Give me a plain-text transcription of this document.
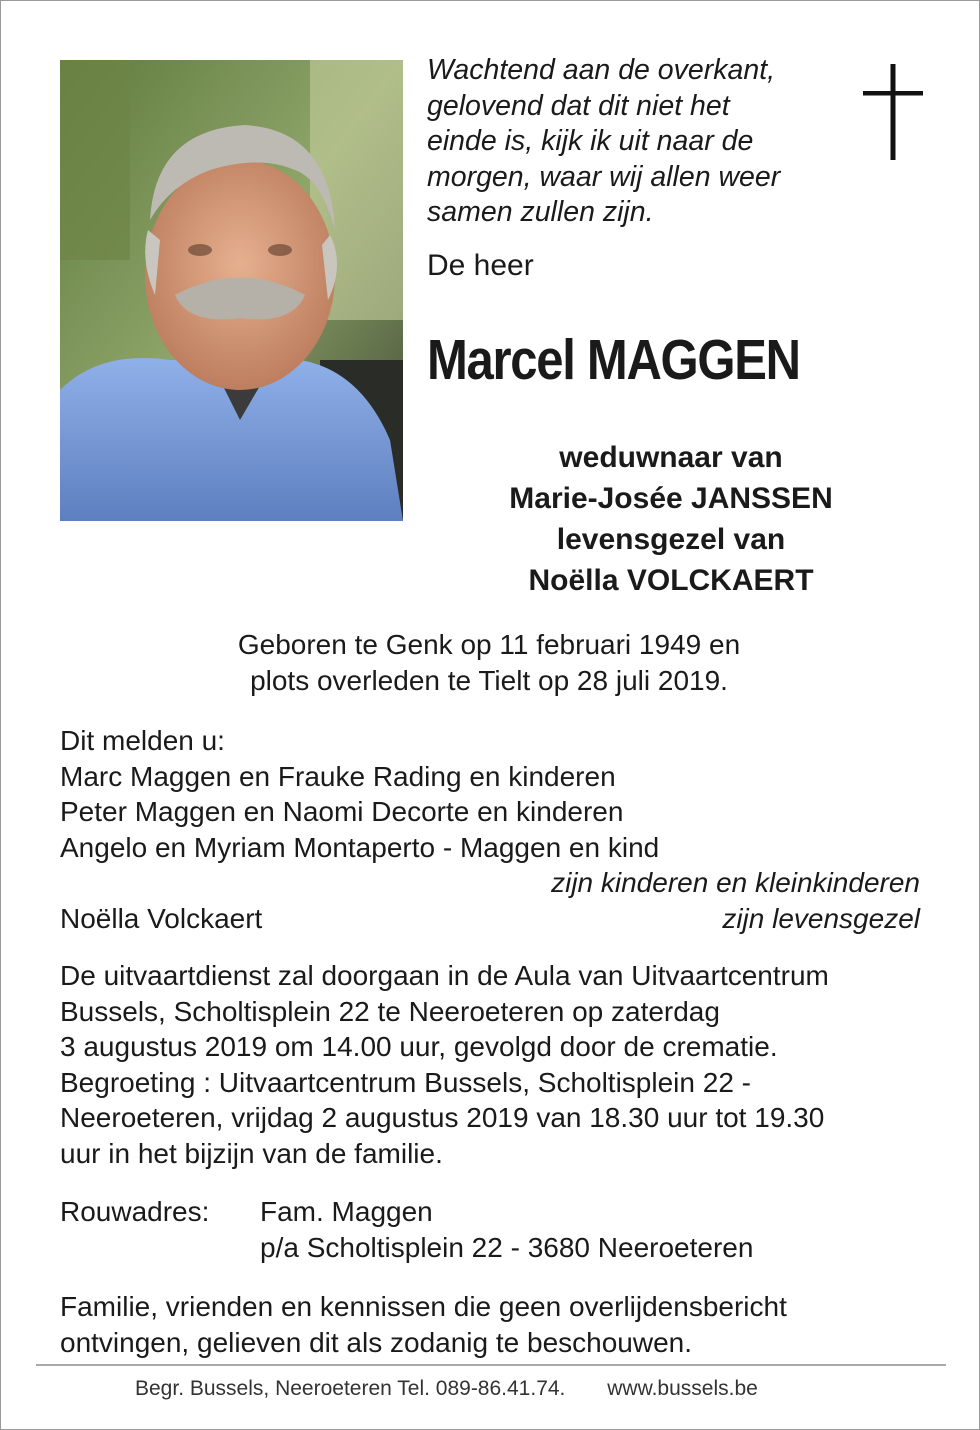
Wachtend aan de overkant,
gelovend dat dit niet het
einde is, kijk ik uit naar de
morgen, waar wij allen weer
samen zullen zijn.
De heer
Marcel MAGGEN
weduwnaar van
Marie-Josée JANSSEN
levensgezel van
Noëlla VOLCKAERT
Geboren te Genk op 11 februari 1949 en
plots overleden te Tielt op 28 juli 2019.
Dit melden u:
Marc Maggen en Frauke Rading en kinderen
Peter Maggen en Naomi Decorte en kinderen
Angelo en Myriam Montaperto - Maggen en kind
zijn kinderen en kleinkinderen
Noëlla Volckaert	zijn levensgezel
De uitvaartdienst zal doorgaan in de Aula van Uitvaartcentrum
Bussels, Scholtisplein 22 te Neeroeteren op zaterdag
3 augustus 2019 om 14.00 uur, gevolgd door de crematie.
Begroeting : Uitvaartcentrum Bussels, Scholtisplein 22 -
Neeroeteren, vrijdag 2 augustus 2019 van 18.30 uur tot 19.30
uur in het bijzijn van de familie.
Rouwadres:	Fam. Maggen
p/a Scholtisplein 22 - 3680 Neeroeteren
Familie, vrienden en kennissen die geen overlijdensbericht
ontvingen, gelieven dit als zodanig te beschouwen.
Begr. Bussels, Neeroeteren Tel. 089-86.41.74. www.bussels.be
